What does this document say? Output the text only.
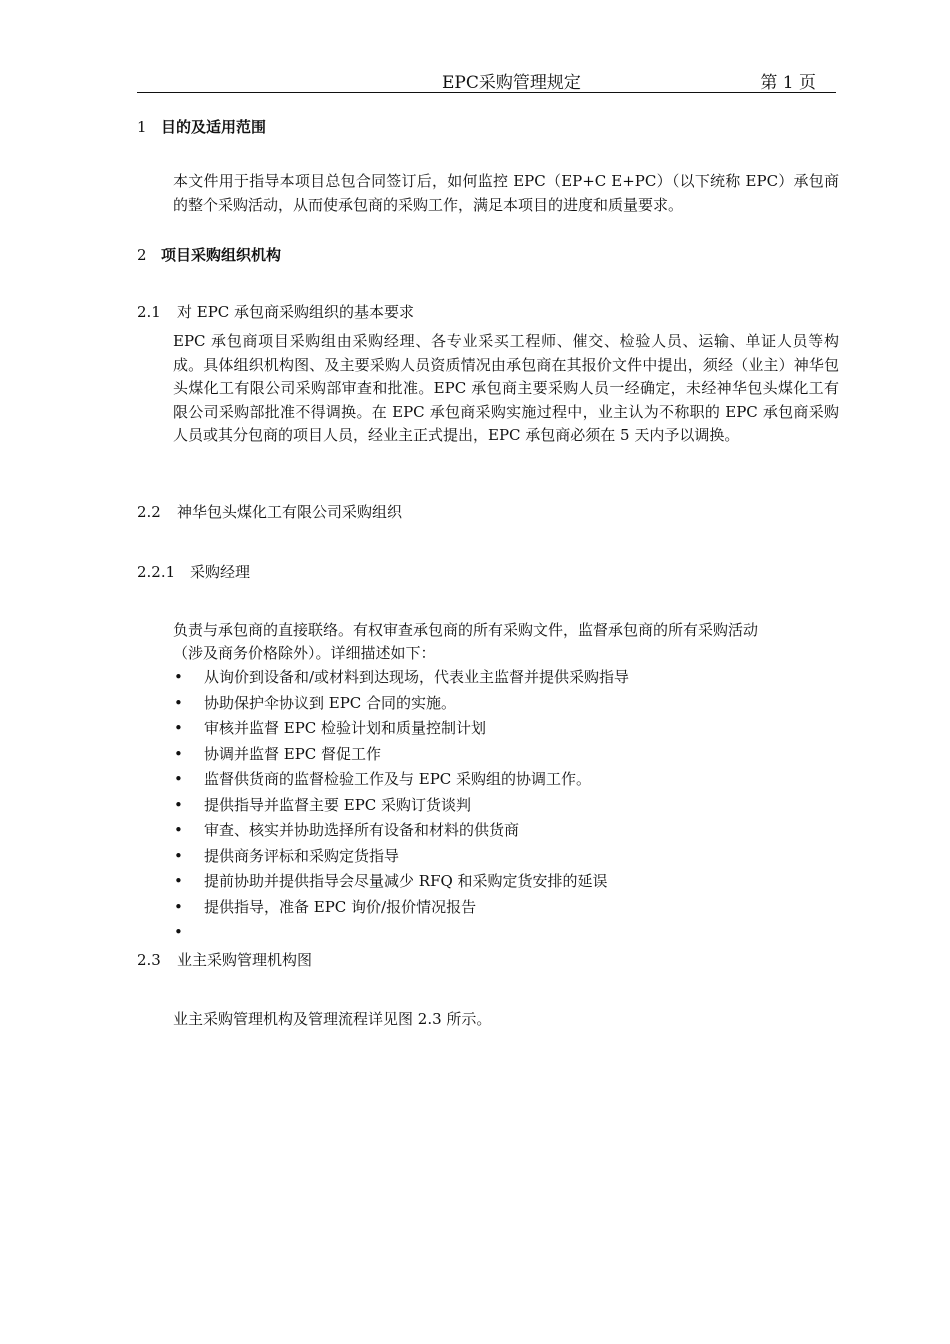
EPC采购管理规定	第 1 页
1 目的及适用范围
本文件用于指导本项目总包合同签订后，如何监控 EPC（EP+C E+PC）（以下统称 EPC）承包商的整个采购活动，从而使承包商的采购工作，满足本项目的进度和质量要求。
2 项目采购组织机构
2.1 对 EPC 承包商采购组织的基本要求
EPC 承包商项目采购组由采购经理、各专业采买工程师、催交、检验人员、运输、单证人员等构成。具体组织机构图、及主要采购人员资质情况由承包商在其报价文件中提出，须经（业主）神华包头煤化工有限公司采购部审查和批准。EPC 承包商主要采购人员一经确定，未经神华包头煤化工有限公司采购部批准不得调换。在 EPC 承包商采购实施过程中，业主认为不称职的 EPC 承包商采购人员或其分包商的项目人员，经业主正式提出，EPC 承包商必须在 5 天内予以调换。
2.2 神华包头煤化工有限公司采购组织
2.2.1 采购经理
负责与承包商的直接联络。有权审查承包商的所有采购文件，监督承包商的所有采购活动
（涉及商务价格除外）。详细描述如下：
• 从询价到设备和/或材料到达现场，代表业主监督并提供采购指导
• 协助保护伞协议到 EPC 合同的实施。
• 审核并监督 EPC 检验计划和质量控制计划
• 协调并监督 EPC 督促工作
• 监督供货商的监督检验工作及与 EPC 采购组的协调工作。
• 提供指导并监督主要 EPC 采购订货谈判
• 审查、核实并协助选择所有设备和材料的供货商
• 提供商务评标和采购定货指导
• 提前协助并提供指导会尽量减少 RFQ 和采购定货安排的延误
• 提供指导，准备 EPC 询价/报价情况报告
•
2.3 业主采购管理机构图
业主采购管理机构及管理流程详见图 2.3 所示。
